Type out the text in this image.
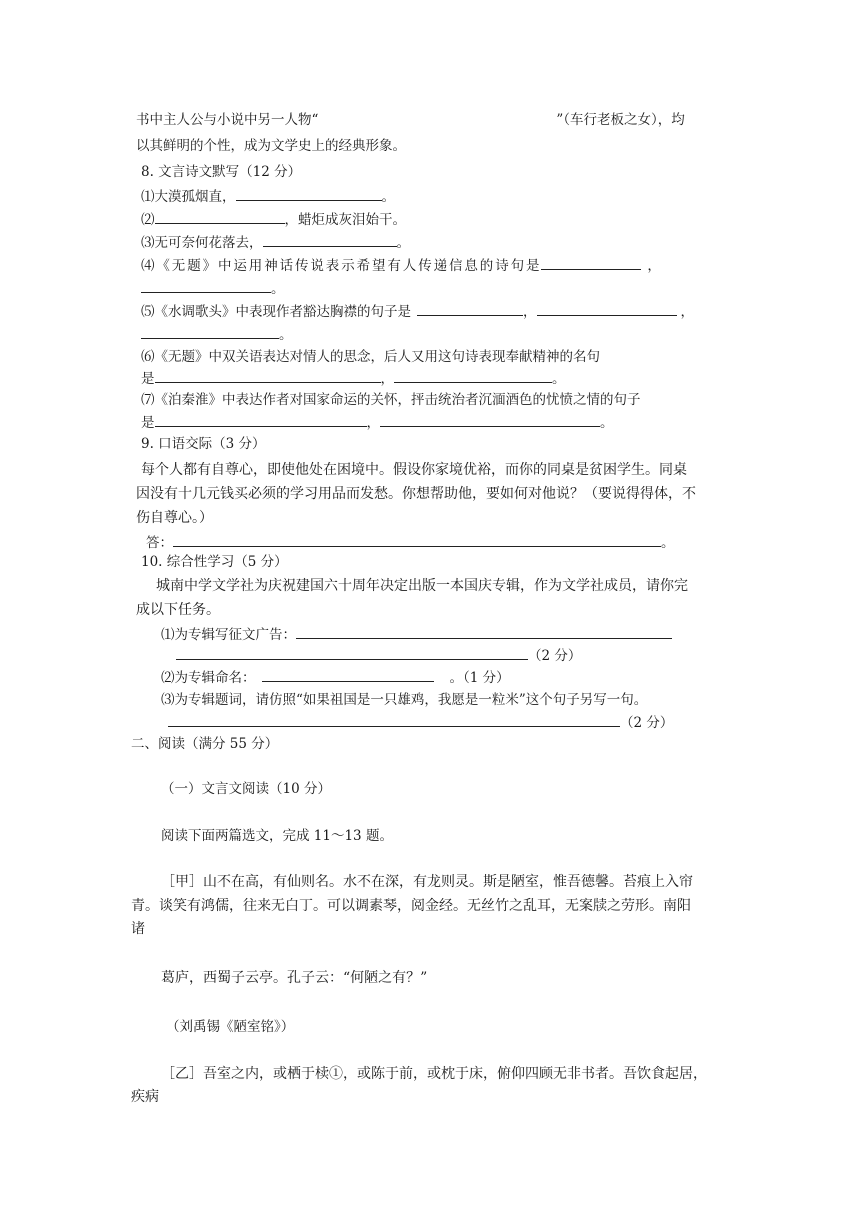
书中主人公与小说中另一人物“	”（车行老板之女），均
以其鲜明的个性，成为文学史上的经典形象。
8. 文言诗文默写（12 分）
⑴大漠孤烟直，	。
⑵	，蜡炬成灰泪始干。
⑶无可奈何花落去，	。
⑷《无题》中运用神话传说表示希望有人传递信息的诗句是	，
。
⑸《水调歌头》中表现作者豁达胸襟的句子是	，	，
。
⑹《无题》中双关语表达对情人的思念，后人又用这句诗表现奉献精神的名句
是	，	。
⑺《泊秦淮》中表达作者对国家命运的关怀，抨击统治者沉湎酒色的忧愤之情的句子
是	，	。
9. 口语交际（3 分）
每个人都有自尊心，即使他处在困境中。假设你家境优裕，而你的同桌是贫困学生。同桌
因没有十几元钱买必须的学习用品而发愁。你想帮助他，要如何对他说？（要说得得体，不
伤自尊心。）
答：	。
10. 综合性学习（5 分）
城南中学文学社为庆祝建国六十周年决定出版一本国庆专辑，作为文学社成员，请你完
成以下任务。
⑴为专辑写征文广告：
（2 分）
⑵为专辑命名：	。（1 分）
⑶为专辑题词，请仿照“如果祖国是一只雄鸡，我愿是一粒米”这个句子另写一句。
（2 分）
二、阅读（满分 55 分）
（一）文言文阅读（10 分）
阅读下面两篇选文，完成 11～13 题。
［甲］山不在高，有仙则名。水不在深，有龙则灵。斯是陋室，惟吾德馨。苔痕上入帘
青。谈笑有鸿儒，往来无白丁。可以调素琴，阅金经。无丝竹之乱耳，无案牍之劳形。南阳
诸
葛庐，西蜀子云亭。孔子云：“何陋之有？”
（刘禹锡《陋室铭》）
［乙］吾室之内，或栖于椟①，或陈于前，或枕于床，俯仰四顾无非书者。吾饮食起居，
疾病
